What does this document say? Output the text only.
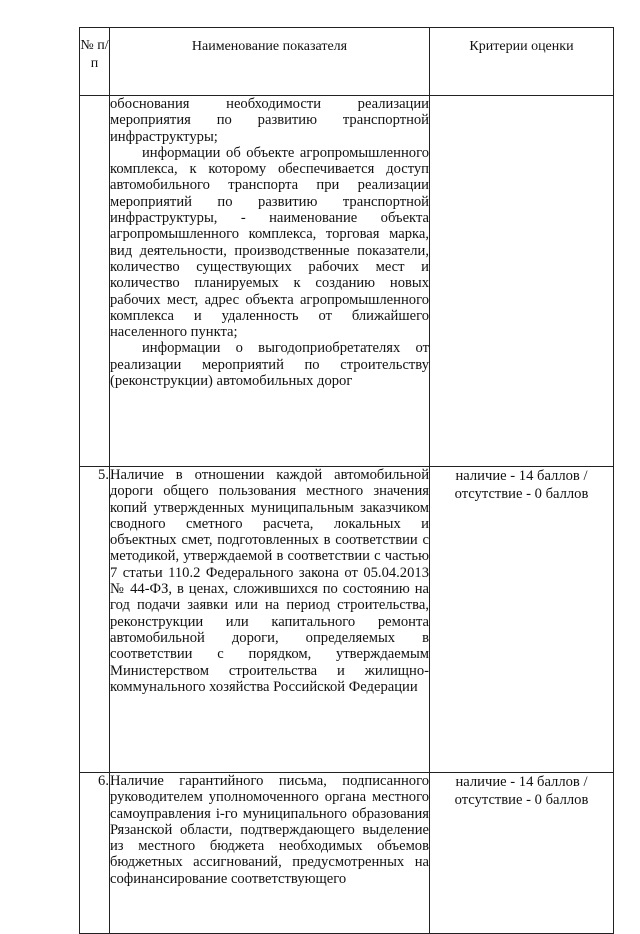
№ п/п	Наименование показателя	Критерии оценки

	обоснования необходимости реализации мероприятия по развитию транспортной инфраструктуры;

информации об объекте агропромышленного комплекса, к которому обеспечивается доступ автомобильного транспорта при реализации мероприятий по развитию транспортной инфраструктуры, - наименование объекта агропромышленного комплекса, торговая марка, вид деятельности, производственные показатели, количество существующих рабочих мест и количество планируемых к созданию новых рабочих мест, адрес объекта агропромышленного комплекса и удаленность от ближайшего населенного пункта;

информации о выгодоприобретателях от реализации мероприятий по строительству (реконструкции) автомобильных дорог	

5.	Наличие в отношении каждой автомобильной дороги общего пользования местного значения копий утвержденных муниципальным заказчиком сводного сметного расчета, локальных и объектных смет, подготовленных в соответствии с методикой, утверждаемой в соответствии с частью 7 статьи 110.2 Федерального закона от 05.04.2013 № 44-ФЗ, в ценах, сложившихся по состоянию на год подачи заявки или на период строительства, реконструкции или капитального ремонта автомобильной дороги, определяемых в соответствии с порядком, утверждаемым Министерством строительства и жилищно-коммунального хозяйства Российской Федерации	наличие - 14 баллов / отсутствие - 0 баллов
6.	Наличие гарантийного письма, подписанного руководителем уполномоченного органа местного самоуправления i-го муниципального образования Рязанской области, подтверждающего выделение из местного бюджета необходимых объемов бюджетных ассигнований, предусмотренных на софинансирование соответствующего	наличие - 14 баллов / отсутствие - 0 баллов
